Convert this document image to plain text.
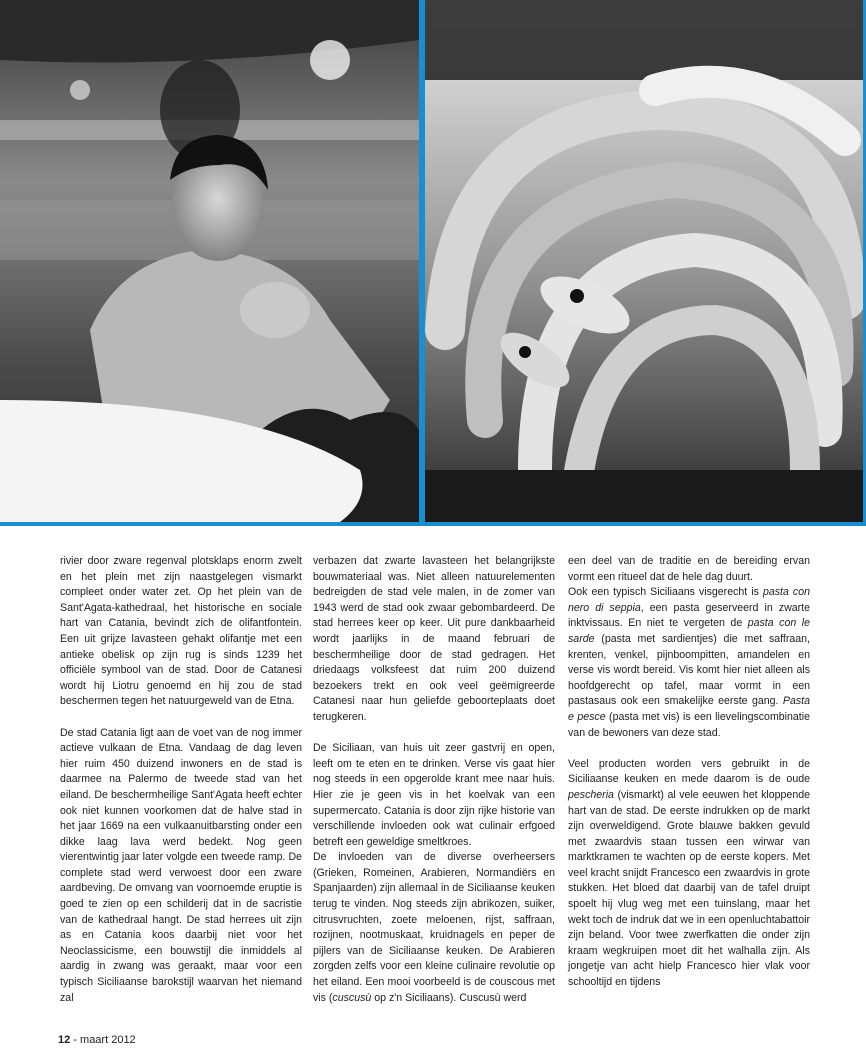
rivier door zware regenval plotsklaps enorm zwelt en het plein met zijn naastgelegen vismarkt compleet onder water zet. Op het plein van de Sant'Agata-kathedraal, het historische en sociale hart van Catania, bevindt zich de olifantfontein. Een uit grijze lavasteen gehakt olifantje met een antieke obelisk op zijn rug is sinds 1239 het officiële symbool van de stad. Door de Catanesi wordt hij Liotru genoemd en hij zou de stad beschermen tegen het natuurgeweld van de Etna.

De stad Catania ligt aan de voet van de nog immer actieve vulkaan de Etna. Vandaag de dag leven hier ruim 450 duizend inwoners en de stad is daarmee na Palermo de tweede stad van het eiland. De beschermheilige Sant'Agata heeft echter ook niet kunnen voorkomen dat de halve stad in het jaar 1669 na een vulkaanuitbarsting onder een dikke laag lava werd bedekt. Nog geen vierentwintig jaar later volgde een tweede ramp. De complete stad werd verwoest door een zware aardbeving. De omvang van voornoemde eruptie is goed te zien op een schilderij dat in de sacristie van de kathedraal hangt. De stad herrees uit zijn as en Catania koos daarbij niet voor het Neoclassicisme, een bouwstijl die inmiddels al aardig in zwang was geraakt, maar voor een typisch Siciliaanse barokstijl waarvan het niemand zal

verbazen dat zwarte lavasteen het belangrijkste bouwmateriaal was. Niet alleen natuurelementen bedreigden de stad vele malen, in de zomer van 1943 werd de stad ook zwaar gebombardeerd. De stad herrees keer op keer. Uit pure dankbaarheid wordt jaarlijks in de maand februari de beschermheilige door de stad gedragen. Het driedaags volksfeest dat ruim 200 duizend bezoekers trekt en ook veel geëmigreerde Catanesi naar hun geliefde geboorteplaats doet terugkeren.

De Siciliaan, van huis uit zeer gastvrij en open, leeft om te eten en te drinken. Verse vis gaat hier nog steeds in een opgerolde krant mee naar huis. Hier zie je geen vis in het koelvak van een supermercato. Catania is door zijn rijke historie van verschillende invloeden ook wat culinair erfgoed betreft een geweldige smeltkroes.

De invloeden van de diverse overheersers (Grieken, Romeinen, Arabieren, Normandiërs en Spanjaarden) zijn allemaal in de Siciliaanse keuken terug te vinden. Nog steeds zijn abrikozen, suiker, citrusvruchten, zoete meloenen, rijst, saffraan, rozijnen, nootmuskaat, kruidnagels en peper de pijlers van de Siciliaanse keuken. De Arabieren zorgden zelfs voor een kleine culinaire revolutie op het eiland. Een mooi voorbeeld is de couscous met vis (cuscusù op z'n Siciliaans). Cuscusù werd

een deel van de traditie en de bereiding ervan vormt een ritueel dat de hele dag duurt.

Ook een typisch Siciliaans visgerecht is pasta con nero di seppia, een pasta geserveerd in zwarte inktvissaus. En niet te vergeten de pasta con le sarde (pasta met sardientjes) die met saffraan, krenten, venkel, pijnboompitten, amandelen en verse vis wordt bereid. Vis komt hier niet alleen als hoofdgerecht op tafel, maar vormt in een pastasaus ook een smakelijke eerste gang. Pasta e pesce (pasta met vis) is een lievelingscombinatie van de bewoners van deze stad.

Veel producten worden vers gebruikt in de Siciliaanse keuken en mede daarom is de oude pescheria (vismarkt) al vele eeuwen het kloppende hart van de stad. De eerste indrukken op de markt zijn overweldigend. Grote blauwe bakken gevuld met zwaardvis staan tussen een wirwar van marktkramen te wachten op de eerste kopers. Met veel kracht snijdt Francesco een zwaardvis in grote stukken. Het bloed dat daarbij van de tafel druipt spoelt hij vlug weg met een tuinslang, maar het wekt toch de indruk dat we in een openluchtabattoir zijn beland. Voor twee zwerfkatten die onder zijn kraam wegkruipen moet dit het walhalla zijn. Als jongetje van acht hielp Francesco hier vlak voor schooltijd en tijdens

12 - maart 2012
